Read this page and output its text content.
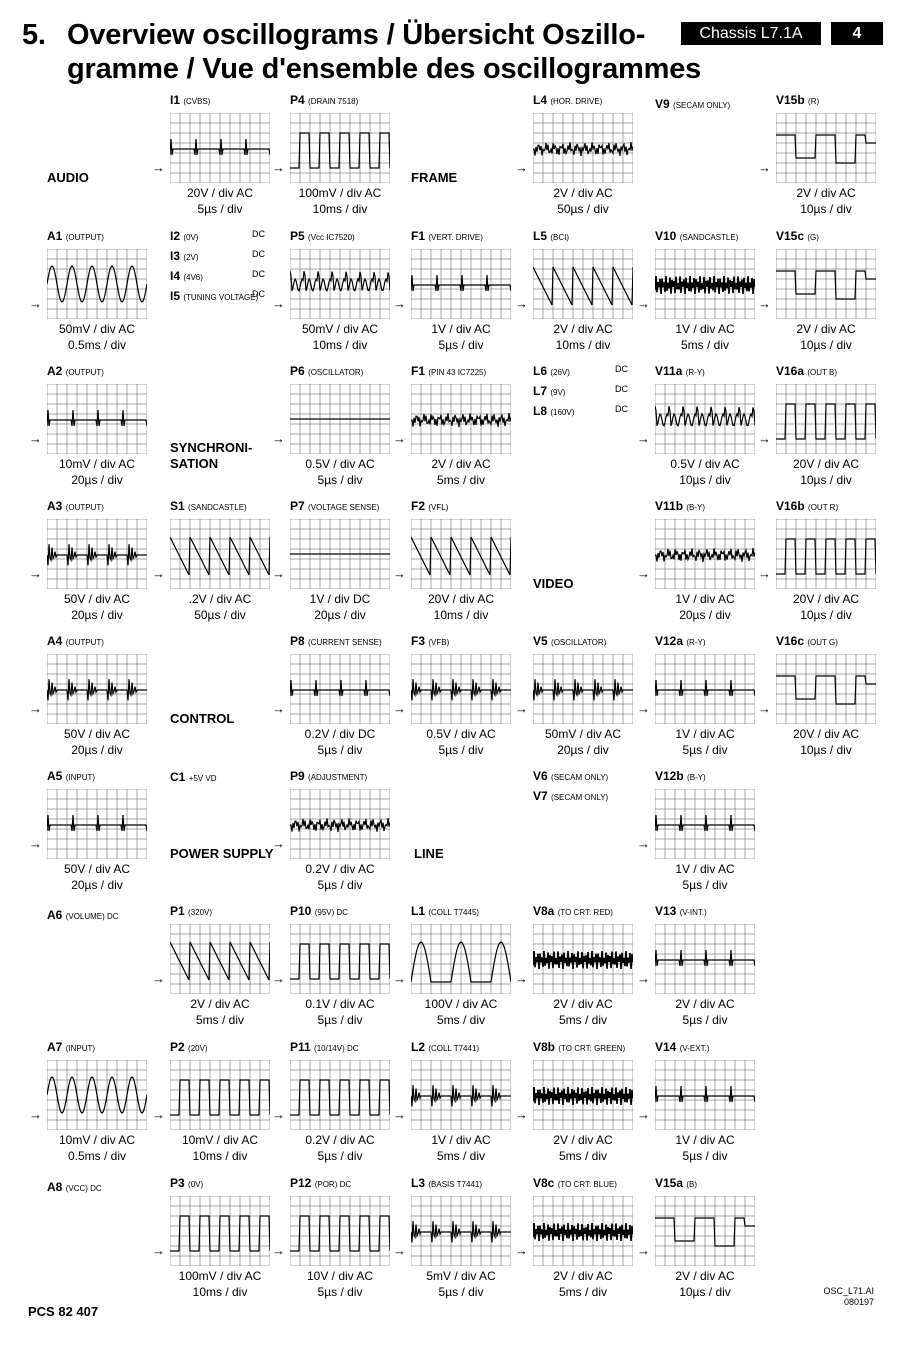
5. Overview oscillograms / Übersicht Oszillo-
gramme / Vue d'ensemble des oscillogrammes
Chassis L7.1A	4
AUDIO	FRAME
SYNCHRONI-
SATION
CONTROL
POWER SUPPLY	LINE
VIDEO
I2 (0V)	DC
I3 (2V)	DC
I4 (4V6)	DC
I5 (TUNING VOLTAGE)
DC
L6 (26V)	DC
L7 (9V)	DC
L8 (160V)	DC
V6 (SECAM ONLY)
V7 (SECAM ONLY)
V9 (SECAM ONLY)
C1 +5V VD
A6 (VOLUME) DC
A8 (VCC) DC
I1 (CVBS)
→
20V / div AC
5µs / div
P4 (DRAIN 7518)
→
100mV / div AC
10ms / div
L4 (HOR. DRIVE)
→
2V / div AC
50µs / div
V15b (R)
→
2V / div AC
10µs / div
A1 (OUTPUT)
→
50mV / div AC
0.5ms / div
P5 (Vcc IC7520)
→
50mV / div AC
10ms / div
F1 (VERT. DRIVE)
→
1V / div AC
5µs / div
L5 (BCI)
→
2V / div AC
10ms / div
V10 (SANDCASTLE)
→
1V / div AC
5ms / div
V15c (G)
→
2V / div AC
10µs / div
A2 (OUTPUT)
→
10mV / div AC
20µs / div
P6 (OSCILLATOR)
→
0.5V / div AC
5µs / div
F1 (PIN 43 IC7225)
→
2V / div AC
5ms / div
V11a (R-Y)
→
0.5V / div AC
10µs / div
V16a (OUT B)
→
20V / div AC
10µs / div
A3 (OUTPUT)
→
50V / div AC
20µs / div
S1 (SANDCASTLE)
→
.2V / div AC
50µs / div
P7 (VOLTAGE SENSE)
→
1V / div DC
20µs / div
F2 (VFL)
→
20V / div AC
10ms / div
V11b (B-Y)
→
1V / div AC
20µs / div
V16b (OUT R)
→
20V / div AC
10µs / div
A4 (OUTPUT)
→
50V / div AC
20µs / div
P8 (CURRENT SENSE)
→
0.2V / div DC
5µs / div
F3 (VFB)
→
0.5V / div AC
5µs / div
V5 (OSCILLATOR)
→
50mV / div AC
20µs / div
V12a (R-Y)
→
1V / div AC
5µs / div
V16c (OUT G)
→
20V / div AC
10µs / div
A5 (INPUT)
→
50V / div AC
20µs / div
P9 (ADJUSTMENT)
→
0.2V / div AC
5µs / div
V12b (B-Y)
→
1V / div AC
5µs / div
P1 (320V)
→
2V / div AC
5ms / div
P10 (95V) DC
→
0.1V / div AC
5µs / div
L1 (COLL T7445)
→
100V / div AC
5ms / div
V8a (TO CRT: RED)
→
2V / div AC
5ms / div
V13 (V-INT.)
→
2V / div AC
5µs / div
A7 (INPUT)
→
10mV / div AC
0.5ms / div
P2 (20V)
→
10mV / div AC
10ms / div
P11 (10/14V) DC
→
0.2V / div AC
5µs / div
L2 (COLL T7441)
→
1V / div AC
5ms / div
V8b (TO CRT: GREEN)
→
2V / div AC
5ms / div
V14 (V-EXT.)
→
1V / div AC
5µs / div
P3 (0V)
→
100mV / div AC
10ms / div
P12 (POR) DC
→
10V / div AC
5µs / div
L3 (BASIS T7441)
→
5mV / div AC
5µs / div
V8c (TO CRT: BLUE)
→
2V / div AC
5ms / div
V15a (B)
→
2V / div AC
10µs / div
PCS 82 407
OSC_L71.AI
080197
